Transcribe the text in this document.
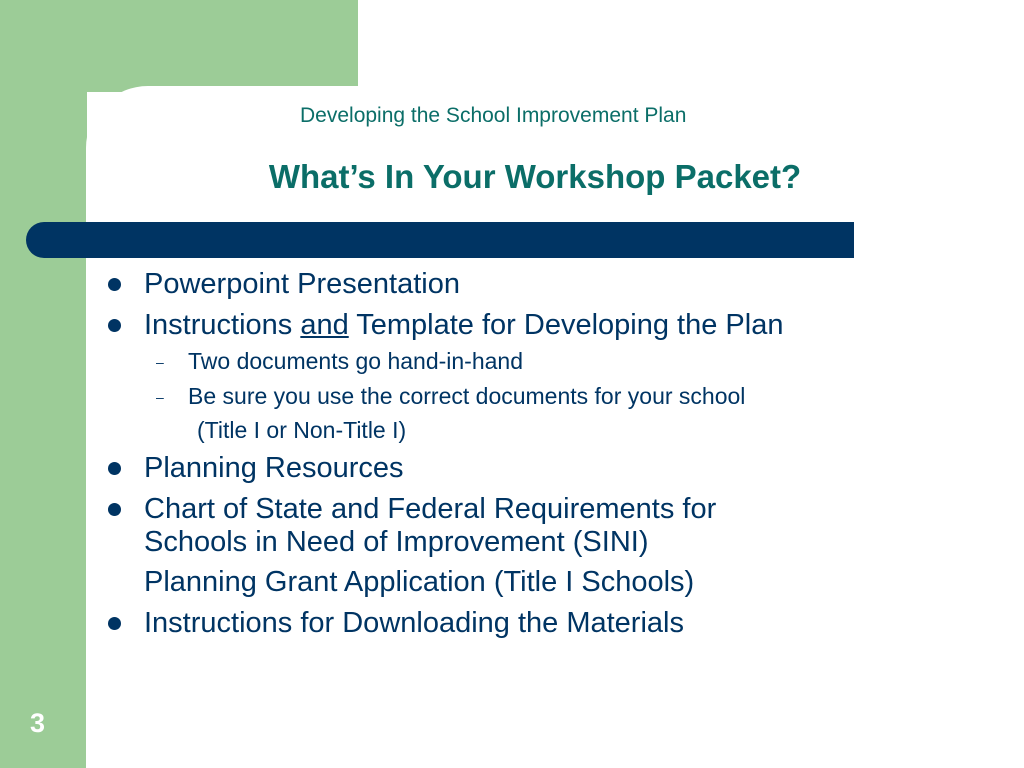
Developing the School Improvement Plan
What’s In Your Workshop Packet?
Powerpoint Presentation
Instructions and Template for Developing the Plan
– Two documents go hand-in-hand
– Be sure you use the correct documents for your school
(Title I or Non-Title I)
Planning Resources
Chart of State and Federal Requirements for
Schools in Need of Improvement (SINI)
Planning Grant Application (Title I Schools)
Instructions for Downloading the Materials
3
